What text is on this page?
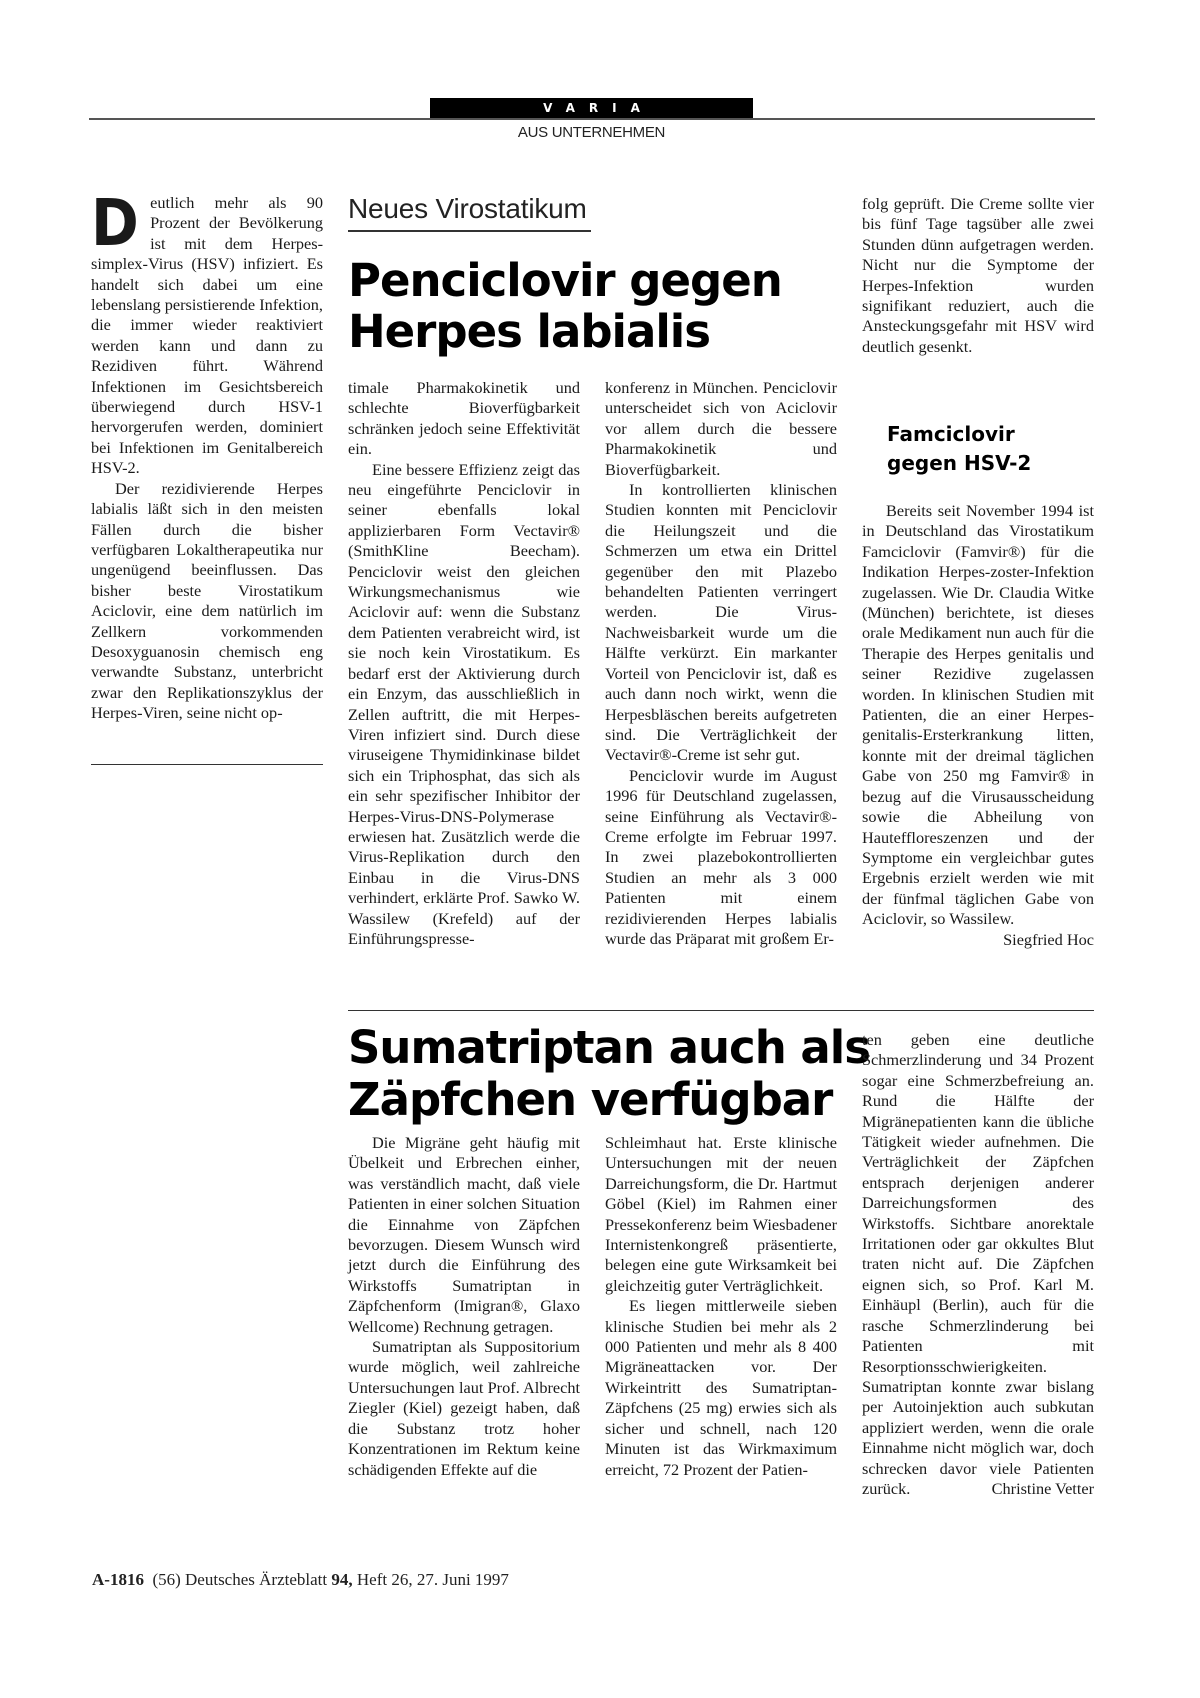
VARIA
AUS UNTERNEHMEN

Deutlich mehr als 90 Prozent der Bevölkerung ist mit dem Herpes-simplex-Virus (HSV) infiziert. Es handelt sich dabei um eine lebenslang persistierende Infektion, die immer wieder reaktiviert werden kann und dann zu Rezidiven führt. Während Infektionen im Gesichtsbereich überwiegend durch HSV-1 hervorgerufen werden, dominiert bei Infektionen im Genitalbereich HSV-2.

Der rezidivierende Herpes labialis läßt sich in den meisten Fällen durch die bisher verfügbaren Lokaltherapeutika nur ungenügend beeinflussen. Das bisher beste Virostatikum Aciclovir, eine dem natürlich im Zellkern vorkommenden Desoxyguanosin chemisch eng verwandte Substanz, unterbricht zwar den Replikationszyklus der Herpes-Viren, seine nicht op-

Neues Virostatikum
Penciclovir gegen
Herpes labialis

timale Pharmakokinetik und schlechte Bioverfügbarkeit schränken jedoch seine Effektivität ein.

Eine bessere Effizienz zeigt das neu eingeführte Penciclovir in seiner ebenfalls lokal applizierbaren Form Vectavir® (SmithKline Beecham). Penciclovir weist den gleichen Wirkungsmechanismus wie Aciclovir auf: wenn die Substanz dem Patienten verabreicht wird, ist sie noch kein Virostatikum. Es bedarf erst der Aktivierung durch ein Enzym, das ausschließlich in Zellen auftritt, die mit Herpes-Viren infiziert sind. Durch diese viruseigene Thymidinkinase bildet sich ein Triphosphat, das sich als ein sehr spezifischer Inhibitor der Herpes-Virus-DNS-Polymerase erwiesen hat. Zusätzlich werde die Virus-Replikation durch den Einbau in die Virus-DNS verhindert, erklärte Prof. Sawko W. Wassilew (Krefeld) auf der Einführungspresse-

konferenz in München. Penciclovir unterscheidet sich von Aciclovir vor allem durch die bessere Pharmakokinetik und Bioverfügbarkeit.

In kontrollierten klinischen Studien konnten mit Penciclovir die Heilungszeit und die Schmerzen um etwa ein Drittel gegenüber den mit Plazebo behandelten Patienten verringert werden. Die Virus-Nachweisbarkeit wurde um die Hälfte verkürzt. Ein markanter Vorteil von Penciclovir ist, daß es auch dann noch wirkt, wenn die Herpesbläschen bereits aufgetreten sind. Die Verträglichkeit der Vectavir®-Creme ist sehr gut.

Penciclovir wurde im August 1996 für Deutschland zugelassen, seine Einführung als Vectavir®-Creme erfolgte im Februar 1997. In zwei plazebokontrollierten Studien an mehr als 3 000 Patienten mit einem rezidivierenden Herpes labialis wurde das Präparat mit großem Er-

folg geprüft. Die Creme sollte vier bis fünf Tage tagsüber alle zwei Stunden dünn aufgetragen werden. Nicht nur die Symptome der Herpes-Infektion wurden signifikant reduziert, auch die Ansteckungsgefahr mit HSV wird deutlich gesenkt.

Famciclovir
gegen HSV-2

Bereits seit November 1994 ist in Deutschland das Virostatikum Famciclovir (Famvir®) für die Indikation Herpes-zoster-Infektion zugelassen. Wie Dr. Claudia Witke (München) berichtete, ist dieses orale Medikament nun auch für die Therapie des Herpes genitalis und seiner Rezidive zugelassen worden. In klinischen Studien mit Patienten, die an einer Herpes-genitalis-Ersterkrankung litten, konnte mit der dreimal täglichen Gabe von 250 mg Famvir® in bezug auf die Virusausscheidung sowie die Abheilung von Hauteffloreszenzen und der Symptome ein vergleichbar gutes Ergebnis erzielt werden wie mit der fünfmal täglichen Gabe von Aciclovir, so Wassilew.
Siegfried Hoc

Sumatriptan auch als
Zäpfchen verfügbar

Die Migräne geht häufig mit Übelkeit und Erbrechen einher, was verständlich macht, daß viele Patienten in einer solchen Situation die Einnahme von Zäpfchen bevorzugen. Diesem Wunsch wird jetzt durch die Einführung des Wirkstoffs Sumatriptan in Zäpfchenform (Imigran®, Glaxo Wellcome) Rechnung getragen.

Sumatriptan als Suppositorium wurde möglich, weil zahlreiche Untersuchungen laut Prof. Albrecht Ziegler (Kiel) gezeigt haben, daß die Substanz trotz hoher Konzentrationen im Rektum keine schädigenden Effekte auf die

Schleimhaut hat. Erste klinische Untersuchungen mit der neuen Darreichungsform, die Dr. Hartmut Göbel (Kiel) im Rahmen einer Pressekonferenz beim Wiesbadener Internistenkongreß präsentierte, belegen eine gute Wirksamkeit bei gleichzeitig guter Verträglichkeit.

Es liegen mittlerweile sieben klinische Studien bei mehr als 2 000 Patienten und mehr als 8 400 Migräneattacken vor. Der Wirkeintritt des Sumatriptan-Zäpfchens (25 mg) erwies sich als sicher und schnell, nach 120 Minuten ist das Wirkmaximum erreicht, 72 Prozent der Patien-

ten geben eine deutliche Schmerzlinderung und 34 Prozent sogar eine Schmerzbefreiung an. Rund die Hälfte der Migränepatienten kann die übliche Tätigkeit wieder aufnehmen. Die Verträglichkeit der Zäpfchen entsprach derjenigen anderer Darreichungsformen des Wirkstoffs. Sichtbare anorektale Irritationen oder gar okkultes Blut traten nicht auf. Die Zäpfchen eignen sich, so Prof. Karl M. Einhäupl (Berlin), auch für die rasche Schmerzlinderung bei Patienten mit Resorptionsschwierigkeiten. Sumatriptan konnte zwar bislang per Autoinjektion auch subkutan appliziert werden, wenn die orale Einnahme nicht möglich war, doch schrecken davor viele Patienten zurück.	Christine Vetter

A-1816 (56) Deutsches Ärzteblatt 94, Heft 26, 27. Juni 1997
